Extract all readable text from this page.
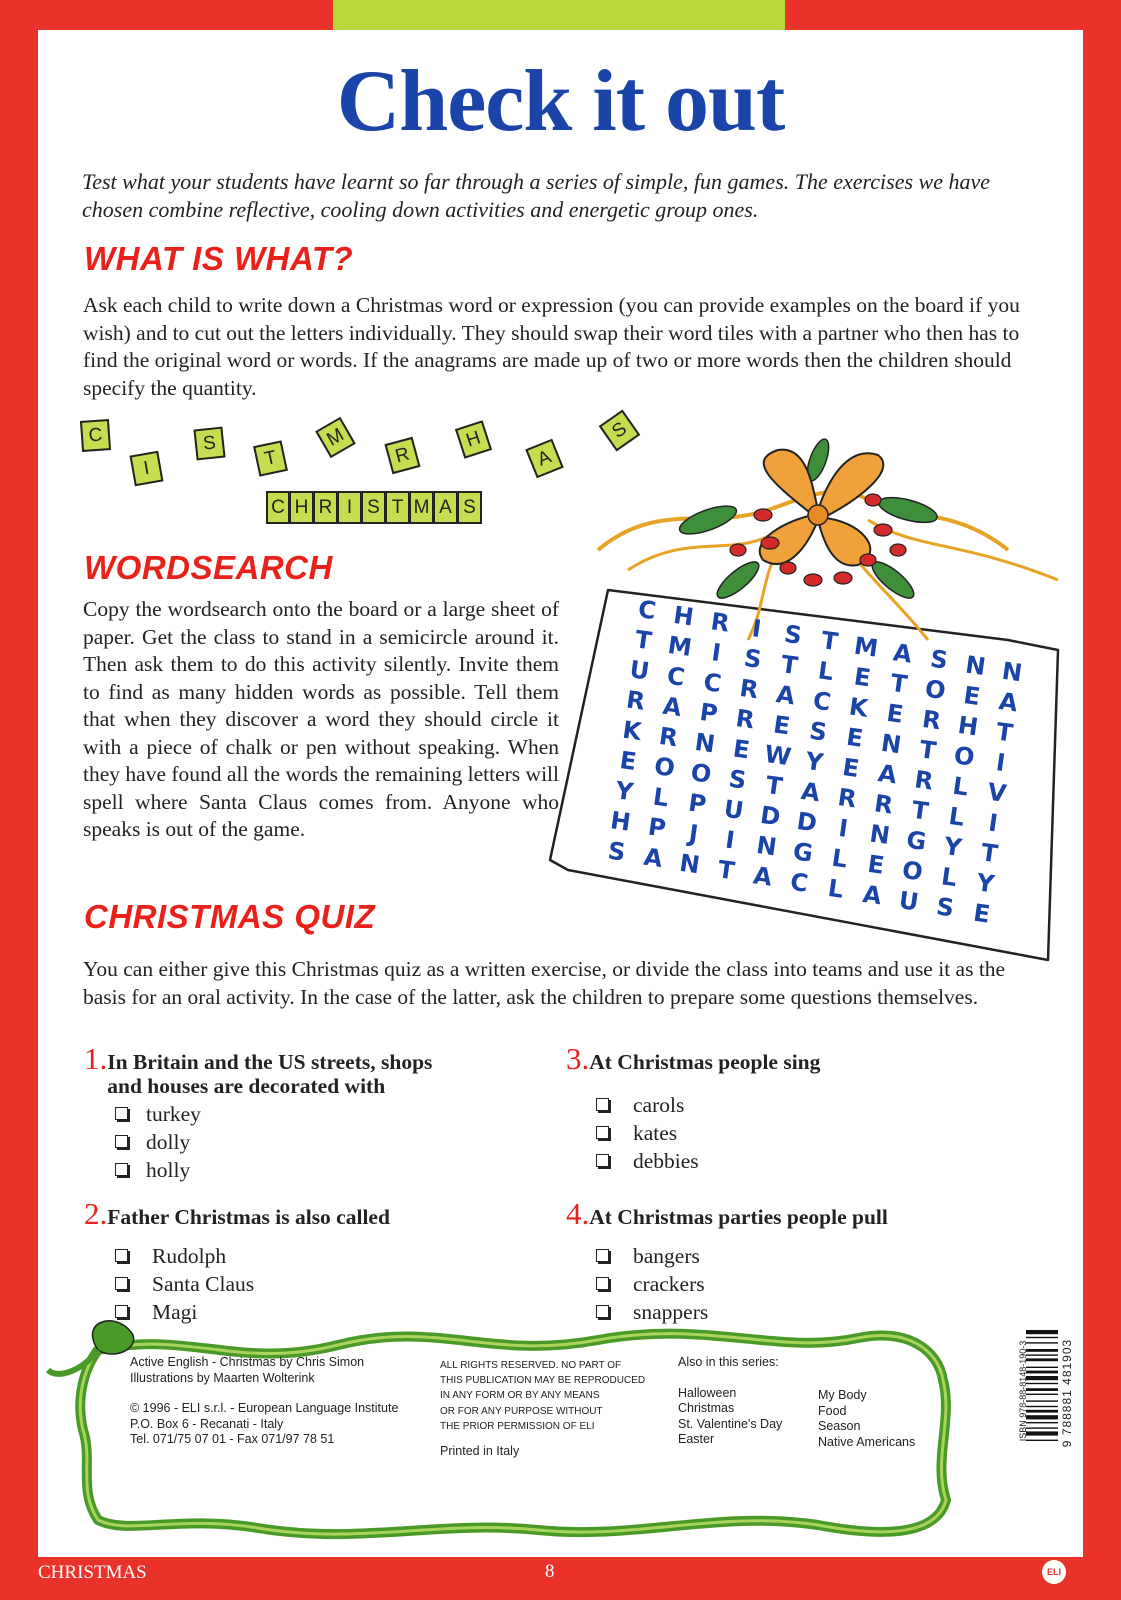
Check it out
Test what your students have learnt so far through a series of simple, fun games. The exercises we have chosen combine reflective, cooling down activities and energetic group ones.
WHAT IS WHAT?
Ask each child to write down a Christmas word or expression (you can provide examples on the board if you wish) and to cut out the letters individually. They should swap their word tiles with a partner who then has to find the original word or words. If the anagrams are made up of two or more words then the children should specify the quantity.
C
I
S
T
M
R
H
A
S
C H R I S T M A S
WORDSEARCH
Copy the wordsearch onto the board or a large sheet of paper. Get the class to stand in a semicircle around it. Then ask them to do this activity silently. Invite them to find as many hidden words as possible. Tell them that when they discover a word they should circle it with a piece of chalk or pen without speaking. When they have found all the words the remaining letters will spell where Santa Claus comes from. Anyone who speaks is out of the game.
C H R I S T M A S N N
T M I S T L E T O E A
U C C R A C K E R H T
R A P R E S E N T O I
K R N E W Y E A R L V
E O O S T A R R T L I
Y L P U D D I N G Y T
H P J I N G L E O L Y
S A N T A C L A U S E
CHRISTMAS QUIZ
You can either give this Christmas quiz as a written exercise, or divide the class into teams and use it as the basis for an oral activity. In the case of the latter, ask the children to prepare some questions themselves.
1. In Britain and the US streets, shops and houses are decorated with
turkey
dolly
holly
2. Father Christmas is also called
Rudolph
Santa Claus
Magi
3. At Christmas people sing
carols
kates
debbies
4. At Christmas parties people pull
bangers
crackers
snappers
Active English - Christmas by Chris Simon
Illustrations by Maarten Wolterink
© 1996 - ELI s.r.l. - European Language Institute
P.O. Box 6 - Recanati - Italy
Tel. 071/75 07 01 - Fax 071/97 78 51
ALL RIGHTS RESERVED. NO PART OF
THIS PUBLICATION MAY BE REPRODUCED
IN ANY FORM OR BY ANY MEANS
OR FOR ANY PURPOSE WITHOUT
THE PRIOR PERMISSION OF ELI
Printed in Italy
Also in this series:
Halloween
Christmas
St. Valentine's Day
Easter
My Body
Food
Season
Native Americans
ISBN 978-88-8148-190-3	9 788881 481903
CHRISTMAS	8	ELI
